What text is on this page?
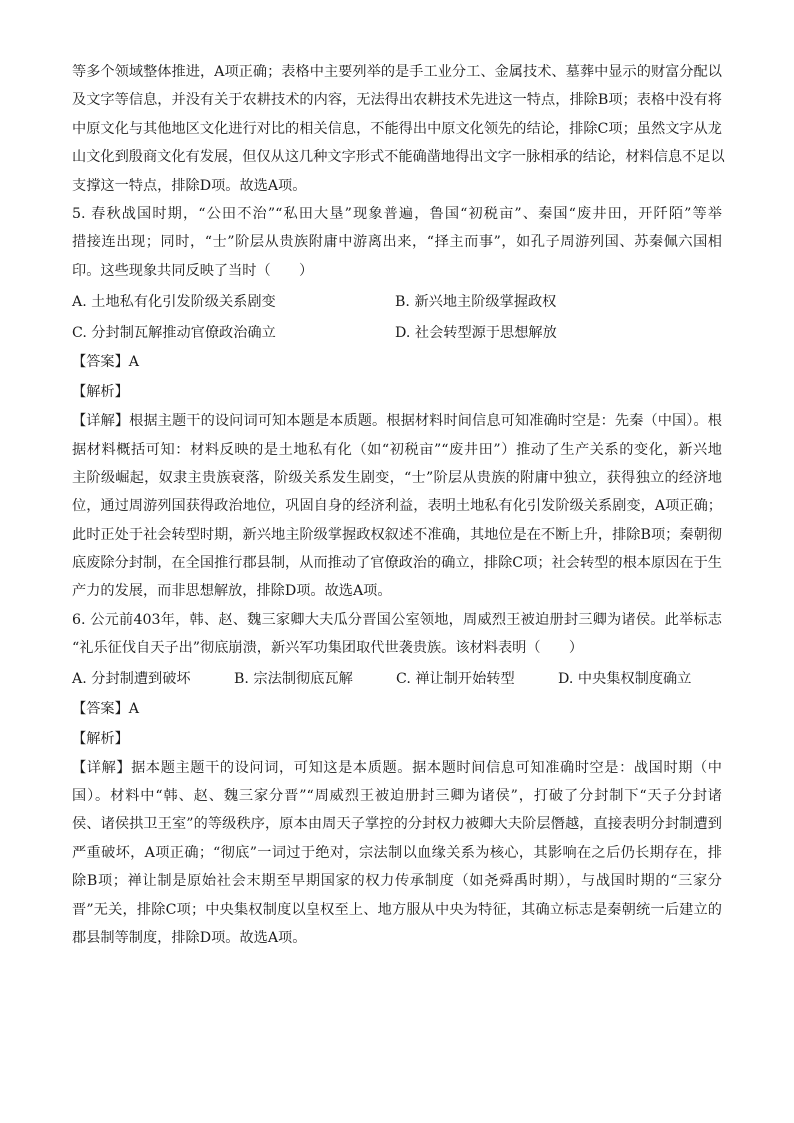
等多个领域整体推进，A项正确；表格中主要列举的是手工业分工、金属技术、墓葬中显示的财富分配以
及文字等信息，并没有关于农耕技术的内容，无法得出农耕技术先进这一特点，排除B项；表格中没有将
中原文化与其他地区文化进行对比的相关信息，不能得出中原文化领先的结论，排除C项；虽然文字从龙
山文化到殷商文化有发展，但仅从这几种文字形式不能确凿地得出文字一脉相承的结论，材料信息不足以
支撑这一特点，排除D项。故选A项。
5. 春秋战国时期，“公田不治”“私田大垦”现象普遍，鲁国“初税亩”、秦国“废井田，开阡陌”等举
措接连出现；同时，“士”阶层从贵族附庸中游离出来，“择主而事”，如孔子周游列国、苏秦佩六国相
印。这些现象共同反映了当时（　　）
A. 土地私有化引发阶级关系剧变	B. 新兴地主阶级掌握政权
C. 分封制瓦解推动官僚政治确立	D. 社会转型源于思想解放
【答案】A
【解析】
【详解】根据主题干的设问词可知本题是本质题。根据材料时间信息可知准确时空是：先秦（中国）。根
据材料概括可知：材料反映的是土地私有化（如“初税亩”“废井田”）推动了生产关系的变化，新兴地
主阶级崛起，奴隶主贵族衰落，阶级关系发生剧变，“士”阶层从贵族的附庸中独立，获得独立的经济地
位，通过周游列国获得政治地位，巩固自身的经济利益，表明土地私有化引发阶级关系剧变，A项正确；
此时正处于社会转型时期，新兴地主阶级掌握政权叙述不准确，其地位是在不断上升，排除B项；秦朝彻
底废除分封制，在全国推行郡县制，从而推动了官僚政治的确立，排除C项；社会转型的根本原因在于生
产力的发展，而非思想解放，排除D项。故选A项。
6. 公元前403年，韩、赵、魏三家卿大夫瓜分晋国公室领地，周威烈王被迫册封三卿为诸侯。此举标志
“礼乐征伐自天子出”彻底崩溃，新兴军功集团取代世袭贵族。该材料表明（　　）
A. 分封制遭到破坏	B. 宗法制彻底瓦解	C. 禅让制开始转型	D. 中央集权制度确立
【答案】A
【解析】
【详解】据本题主题干的设问词，可知这是本质题。据本题时间信息可知准确时空是：战国时期（中
国）。材料中“韩、赵、魏三家分晋”“周威烈王被迫册封三卿为诸侯”，打破了分封制下“天子分封诸
侯、诸侯拱卫王室”的等级秩序，原本由周天子掌控的分封权力被卿大夫阶层僭越，直接表明分封制遭到
严重破坏，A项正确；“彻底”一词过于绝对，宗法制以血缘关系为核心，其影响在之后仍长期存在，排
除B项；禅让制是原始社会末期至早期国家的权力传承制度（如尧舜禹时期），与战国时期的“三家分
晋”无关，排除C项；中央集权制度以皇权至上、地方服从中央为特征，其确立标志是秦朝统一后建立的
郡县制等制度，排除D项。故选A项。
